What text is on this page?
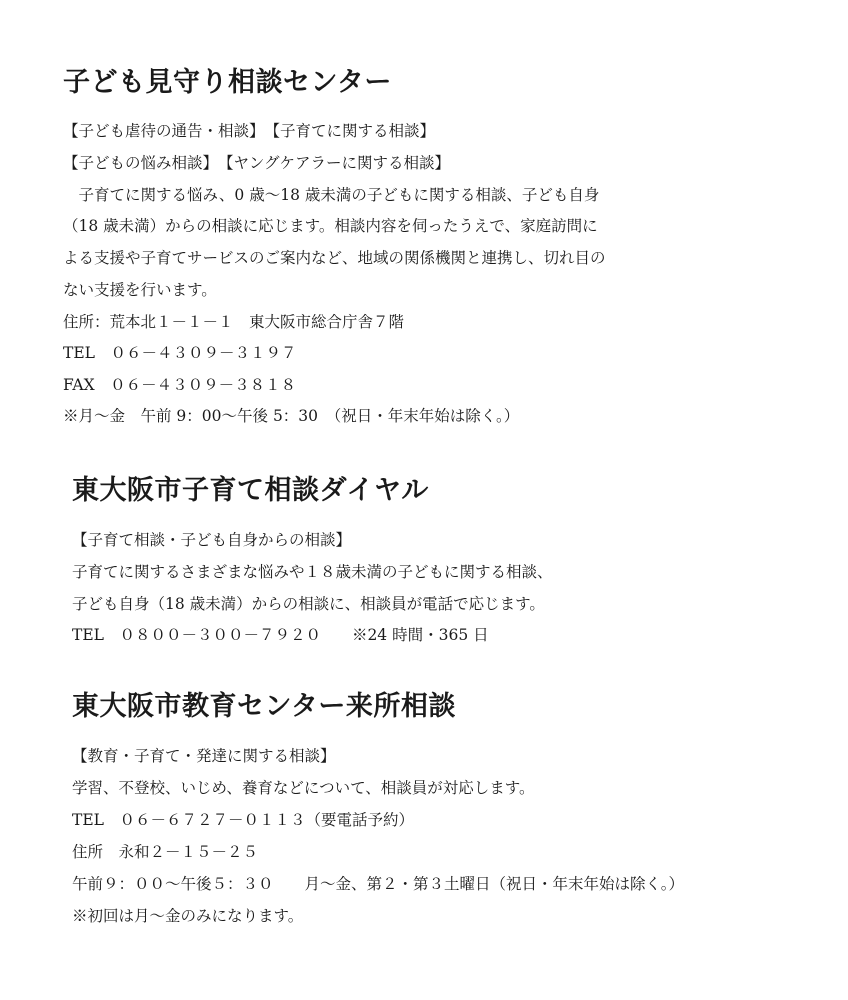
子ども見守り相談センター

【子ども虐待の通告・相談】　【子育てに関する相談】

【子どもの悩み相談】　【ヤングケアラーに関する相談】

　子育てに関する悩み、0 歳～18 歳未満の子どもに関する相談、子ども自身

（18 歳未満）からの相談に応じます。相談内容を伺ったうえで、家庭訪問に

よる支援や子育てサービスのご案内など、地域の関係機関と連携し、切れ目の

ない支援を行います。

住所：荒本北１－１－１　東大阪市総合庁舎７階

TEL　０６－４３０９－３１９７

FAX　０６－４３０９－３８１８

※月～金　午前 9：00～午後 5：30　（祝日・年末年始は除く。）

東大阪市子育て相談ダイヤル

【子育て相談・子ども自身からの相談】

子育てに関するさまざまな悩みや１８歳未満の子どもに関する相談、

子ども自身（18 歳未満）からの相談に、相談員が電話で応じます。

TEL　０８００－３００－７９２０　　※24 時間・365 日

東大阪市教育センター来所相談

【教育・子育て・発達に関する相談】

学習、不登校、いじめ、養育などについて、相談員が対応します。

TEL　０６－６７２７－０１１３（要電話予約）

住所　永和２－１５－２５

午前９：００～午後５：３０　　月～金、第２・第３土曜日（祝日・年末年始は除く。）

※初回は月～金のみになります。
